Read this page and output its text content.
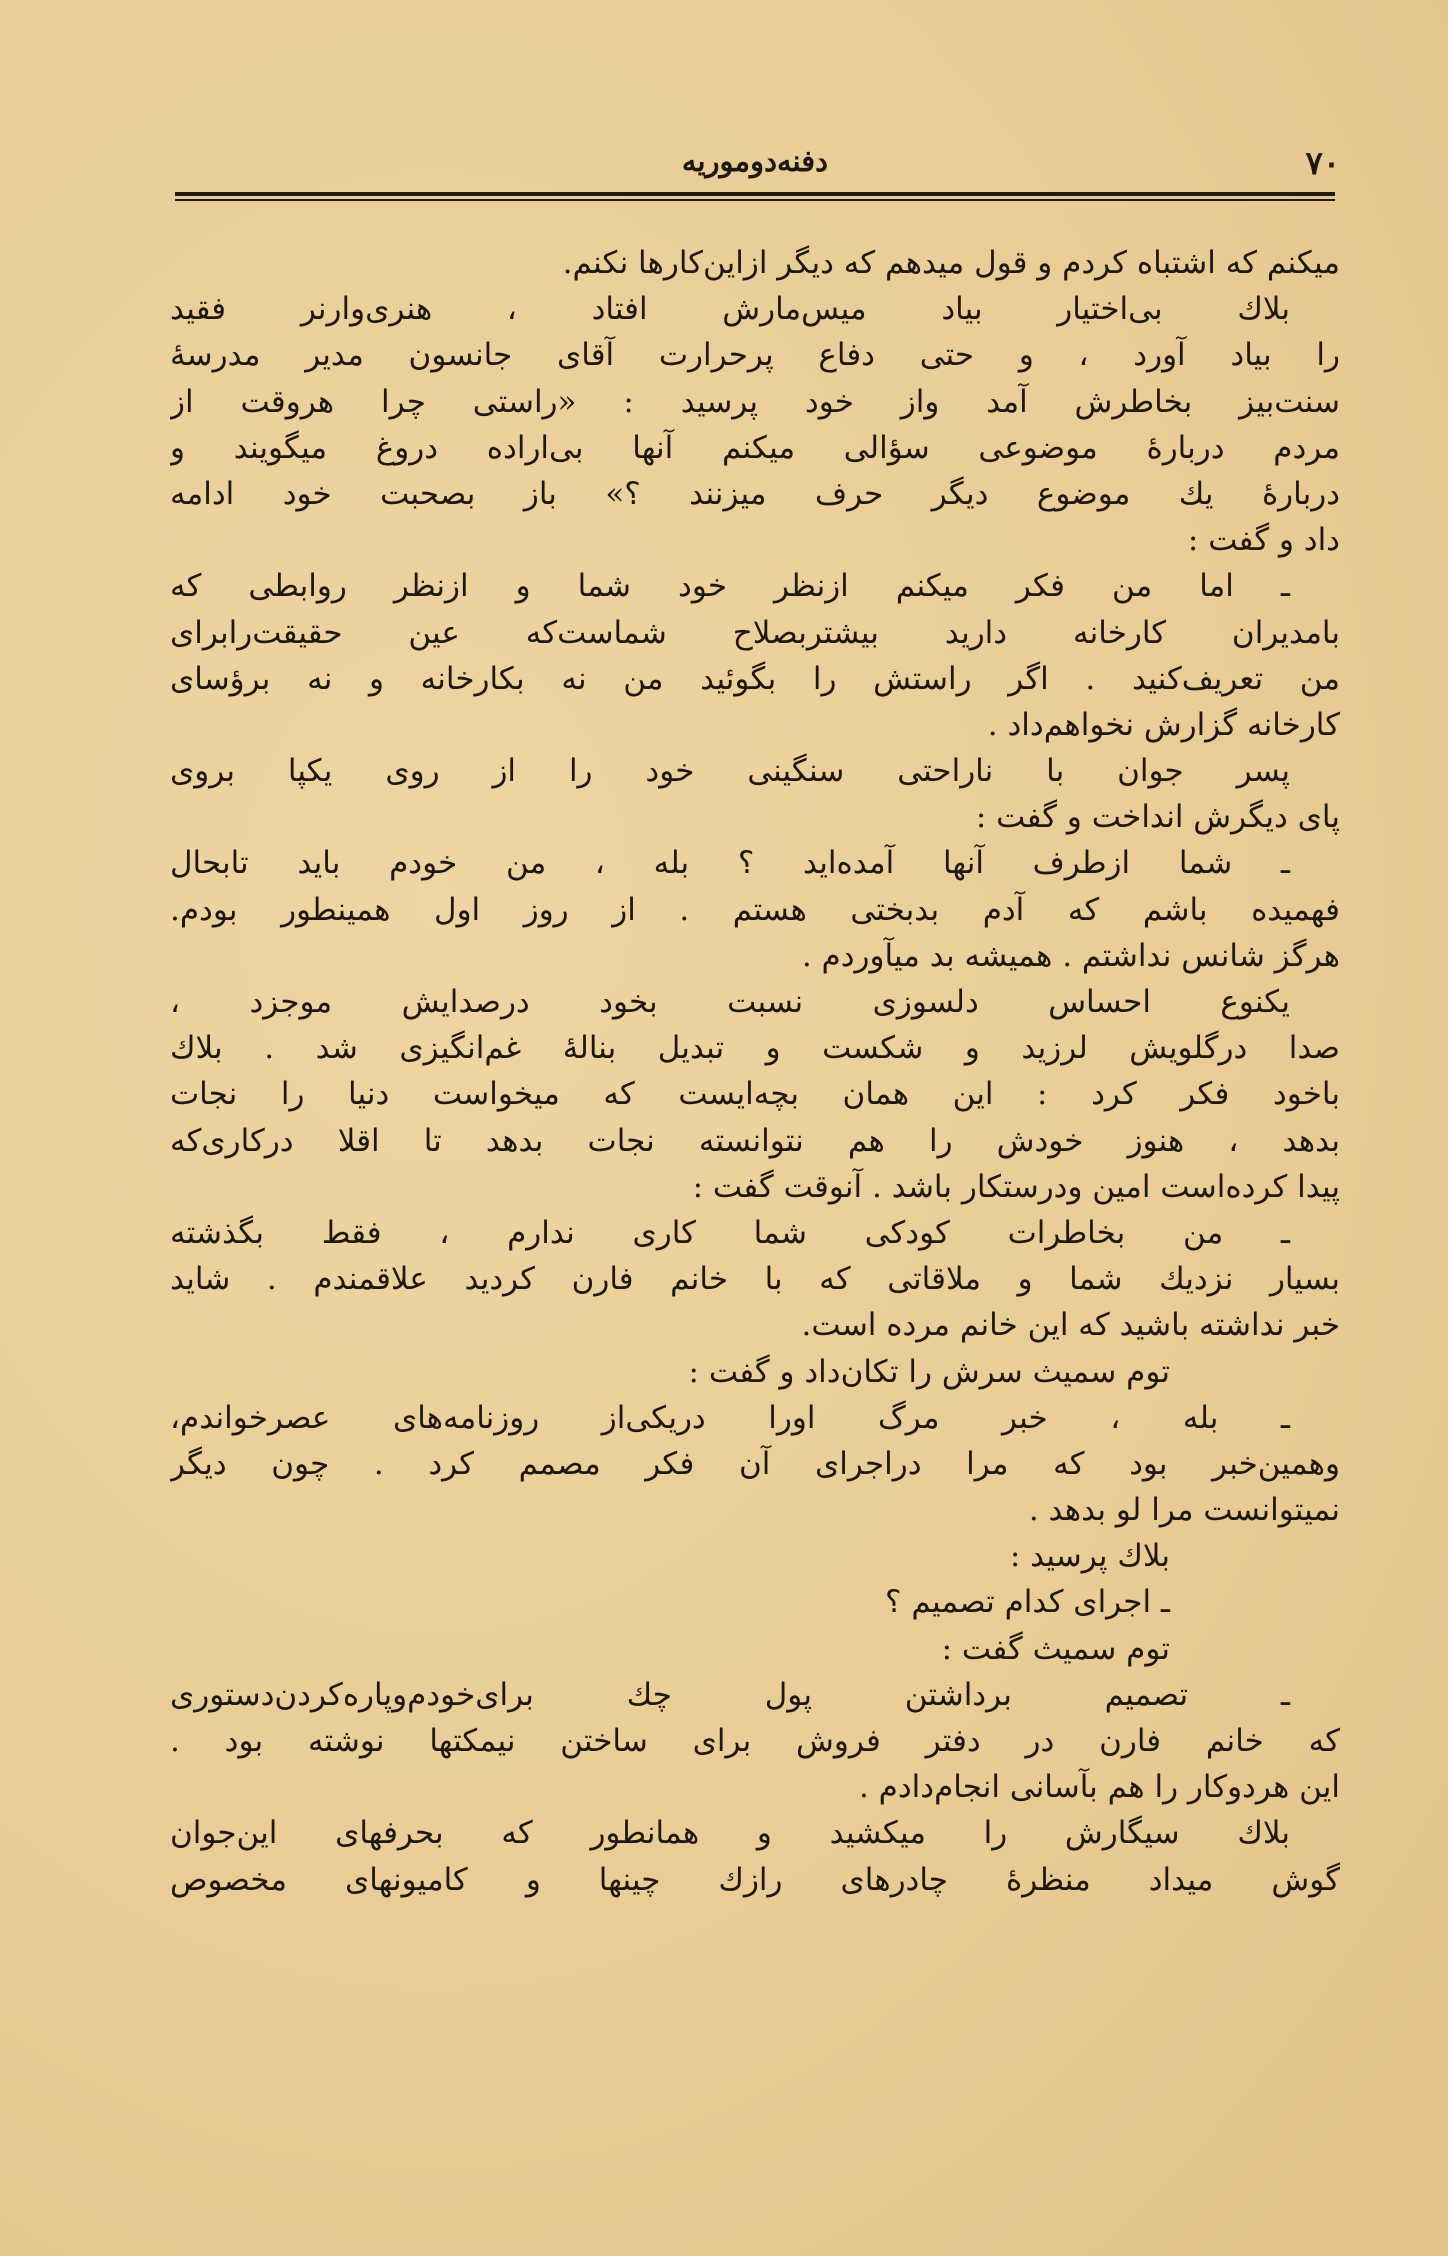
۷۰
دفنه‌دوموریه
میکنم که اشتباه کردم و قول میدهم که دیگر ازاین‌کارها نکنم.
بلاك بی‌اختیار بیاد میس‌مارش افتاد ، هنری‌وارنر فقید
را بیاد آورد ، و حتی دفاع پرحرارت آقای جانسون مدیر مدرسهٔ
سنت‌بیز بخاطرش آمد واز خود پرسید : «راستی چرا هروقت از
مردم دربارهٔ موضوعی سؤالی میکنم آنها بی‌اراده دروغ میگویند و
دربارهٔ یك موضوع دیگر حرف میزنند ؟» باز بصحبت خود ادامه
داد و گفت :
ـ اما من فکر میکنم ازنظر خود شما و ازنظر روابطی که
بامدیران کارخانه دارید بیشتربصلاح شماست‌که عین حقیقت‌رابرای
من تعریف‌کنید . اگر راستش را بگوئید من نه بکارخانه و نه برؤسای
کارخانه گزارش نخواهم‌داد .
پسر جوان با ناراحتی سنگینی خود را از روی یکپا بروی
پای دیگرش انداخت و گفت :
ـ شما ازطرف آنها آمده‌اید ؟ بله ، من خودم باید تابحال
فهمیده باشم که آدم بدبختی هستم . از روز اول همینطور بودم.
هرگز شانس نداشتم . همیشه بد میآوردم .
یکنوع احساس دلسوزی نسبت بخود درصدایش موجزد ،
صدا درگلویش لرزید و شکست و تبدیل بنالهٔ غم‌انگیزی شد . بلاك
باخود فکر کرد : این همان بچه‌ایست که میخواست دنیا را نجات
بدهد ، هنوز خودش را هم نتوانسته نجات بدهد تا اقلا درکاری‌که
پیدا کرده‌است امین ودرستکار باشد . آنوقت گفت :
ـ من بخاطرات کودکی شما کاری ندارم ، فقط بگذشته
بسیار نزدیك شما و ملاقاتی که با خانم فارن کردید علاقمندم . شاید
خبر نداشته باشید که این خانم مرده است.
توم سمیث سرش را تکان‌داد و گفت :
ـ بله ، خبر مرگ اورا دریکی‌از روزنامه‌های عصرخواندم،
وهمین‌خبر بود که مرا دراجرای آن فکر مصمم کرد . چون دیگر
نمیتوانست مرا لو بدهد .
بلاك پرسید :
ـ اجرای کدام تصمیم ؟
توم سمیث گفت :
ـ تصمیم برداشتن پول چك برای‌خودم‌وپاره‌کردن‌دستوری
که خانم فارن در دفتر فروش برای ساختن نیمکتها نوشته بود .
این هردوکار را هم بآسانی انجام‌دادم .
بلاك سیگارش را میکشید و همانطور که بحرفهای این‌جوان
گوش میداد منظرهٔ چادرهای رازك چینها و کامیونهای مخصوص
